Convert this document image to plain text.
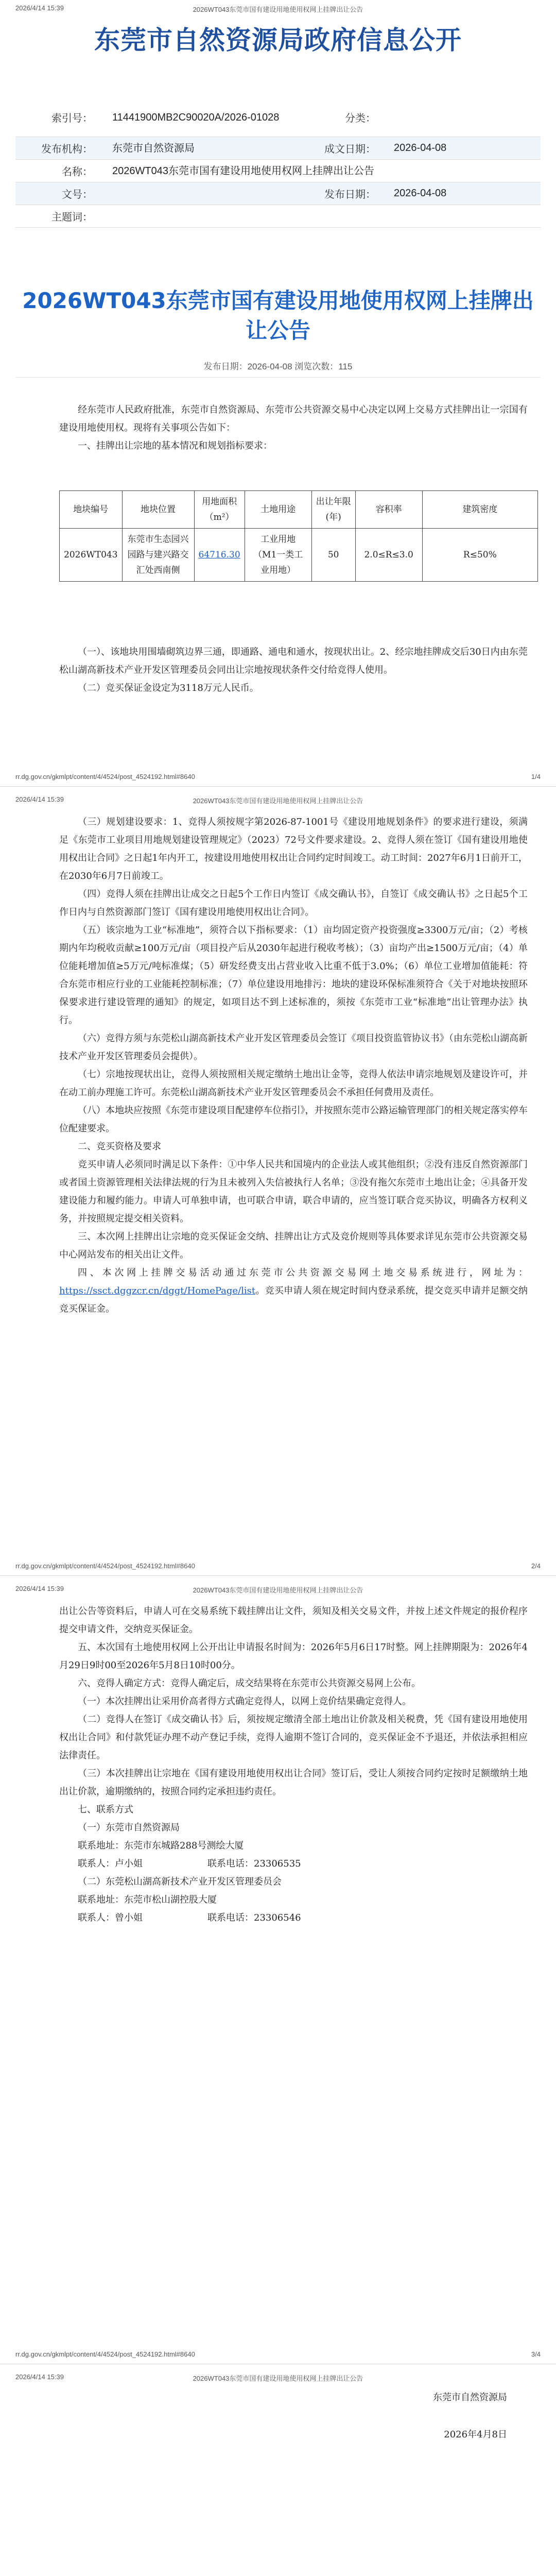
2026/4/14 15:39	2026WT043东莞市国有建设用地使用权网上挂牌出让公告
东莞市自然资源局政府信息公开
索引号： 11441900MB2C90020A/2026-01028	分类：
发布机构： 东莞市自然资源局	成文日期： 2026-04-08
名称： 2026WT043东莞市国有建设用地使用权网上挂牌出让公告
文号：	发布日期： 2026-04-08
主题词：
2026WT043东莞市国有建设用地使用权网上挂牌出让公告
发布日期：2026-04-08 浏览次数：115

经东莞市人民政府批准，东莞市自然资源局、东莞市公共资源交易中心决定以网上交易方式挂牌出让一宗国有建设用地使用权。现将有关事项公告如下：

一、挂牌出让宗地的基本情况和规划指标要求：

地块编号	地块位置	用地面积（m²）	土地用途	出让年限(年)	容积率	建筑密度
2026WT043	东莞市生态园兴园路与建兴路交汇处西南侧	64716.30	工业用地（M1一类工业用地）	50	2.0≤R≤3.0	R≤50%

（一）、该地块用围墙砌筑边界三通，即通路、通电和通水，按现状出让。2、经宗地挂牌成交后30日内由东莞松山湖高新技术产业开发区管理委员会同出让宗地按现状条件交付给竞得人使用。

（二）竞买保证金设定为3118万元人民币。

rr.dg.gov.cn/gkmlpt/content/4/4524/post_4524192.html#8640	1/4
2026/4/14 15:39	2026WT043东莞市国有建设用地使用权网上挂牌出让公告

（三）规划建设要求：1、竞得人须按规字第2026-87-1001号《建设用地规划条件》的要求进行建设，须满足《东莞市工业项目用地规划建设管理规定》（2023）72号文件要求建设。2、竞得人须在签订《国有建设用地使用权出让合同》之日起1年内开工，按建设用地使用权出让合同约定时间竣工。动工时间：2027年6月1日前开工，在2030年6月7日前竣工。

（四）竞得人须在挂牌出让成交之日起5个工作日内签订《成交确认书》，自签订《成交确认书》之日起5个工作日内与自然资源部门签订《国有建设用地使用权出让合同》。

（五）该宗地为工业“标准地”，须符合以下指标要求：（1）亩均固定资产投资强度≥3300万元/亩；（2）考核期内年均税收贡献≥100万元/亩（项目投产后从2030年起进行税收考核）；（3）亩均产出≥1500万元/亩；（4）单位能耗增加值≥5万元/吨标准煤；（5）研发经费支出占营业收入比重不低于3.0%；（6）单位工业增加值能耗：符合东莞市相应行业的工业能耗控制标准；（7）单位建设用地排污：地块的建设环保标准须符合《关于对地块按照环保要求进行建设管理的通知》的规定，如项目达不到上述标准的，须按《东莞市工业“标准地”出让管理办法》执行。

（六）竞得方须与东莞松山湖高新技术产业开发区管理委员会签订《项目投资监管协议书》（由东莞松山湖高新技术产业开发区管理委员会提供）。

（七）宗地按现状出让，竞得人须按照相关规定缴纳土地出让金等，竞得人依法申请宗地规划及建设许可，并在动工前办理施工许可。东莞松山湖高新技术产业开发区管理委员会不承担任何费用及责任。

（八）本地块应按照《东莞市建设项目配建停车位指引》，并按照东莞市公路运输管理部门的相关规定落实停车位配建要求。

二、竞买资格及要求

竞买申请人必须同时满足以下条件：①中华人民共和国境内的企业法人或其他组织；②没有违反自然资源部门或者国土资源管理相关法律法规的行为且未被列入失信被执行人名单；③没有拖欠东莞市土地出让金；④具备开发建设能力和履约能力。申请人可单独申请，也可联合申请，联合申请的，应当签订联合竞买协议，明确各方权利义务，并按照规定提交相关资料。

三、本次网上挂牌出让宗地的竞买保证金交纳、挂牌出让方式及竞价规则等具体要求详见东莞市公共资源交易中心网站发布的相关出让文件。

四、本次网上挂牌交易活动通过东莞市公共资源交易网土地交易系统进行，网址为：https://ssct.dggzcr.cn/dggt/HomePage/list。竞买申请人须在规定时间内登录系统，提交竞买申请并足额交纳竞买保证金。

rr.dg.gov.cn/gkmlpt/content/4/4524/post_4524192.html#8640	2/4
2026/4/14 15:39	2026WT043东莞市国有建设用地使用权网上挂牌出让公告

出让公告等资料后，申请人可在交易系统下载挂牌出让文件，须知及相关交易文件，并按上述文件规定的报价程序提交申请文件，交纳竞买保证金。

五、本次国有土地使用权网上公开出让申请报名时间为：2026年5月6日17时整。网上挂牌期限为：2026年4月29日9时00至2026年5月8日10时00分。

六、竞得人确定方式：竞得人确定后，成交结果将在东莞市公共资源交易网上公布。

（一）本次挂牌出让采用价高者得方式确定竞得人，以网上竞价结果确定竞得人。

（二）竞得人在签订《成交确认书》后，须按规定缴清全部土地出让价款及相关税费，凭《国有建设用地使用权出让合同》和付款凭证办理不动产登记手续，竞得人逾期不签订合同的，竞买保证金不予退还，并依法承担相应法律责任。

（三）本次挂牌出让宗地在《国有建设用地使用权出让合同》签订后，受让人须按合同约定按时足额缴纳土地出让价款，逾期缴纳的，按照合同约定承担违约责任。

七、联系方式

（一）东莞市自然资源局

联系地址：东莞市东城路288号测绘大厦

联系人：卢小姐　　　　　　　联系电话：23306535

（二）东莞松山湖高新技术产业开发区管理委员会

联系地址：东莞市松山湖控股大厦

联系人：曾小姐　　　　　　　联系电话：23306546

rr.dg.gov.cn/gkmlpt/content/4/4524/post_4524192.html#8640	3/4
2026/4/14 15:39	2026WT043东莞市国有建设用地使用权网上挂牌出让公告
东莞市自然资源局
2026年4月8日
